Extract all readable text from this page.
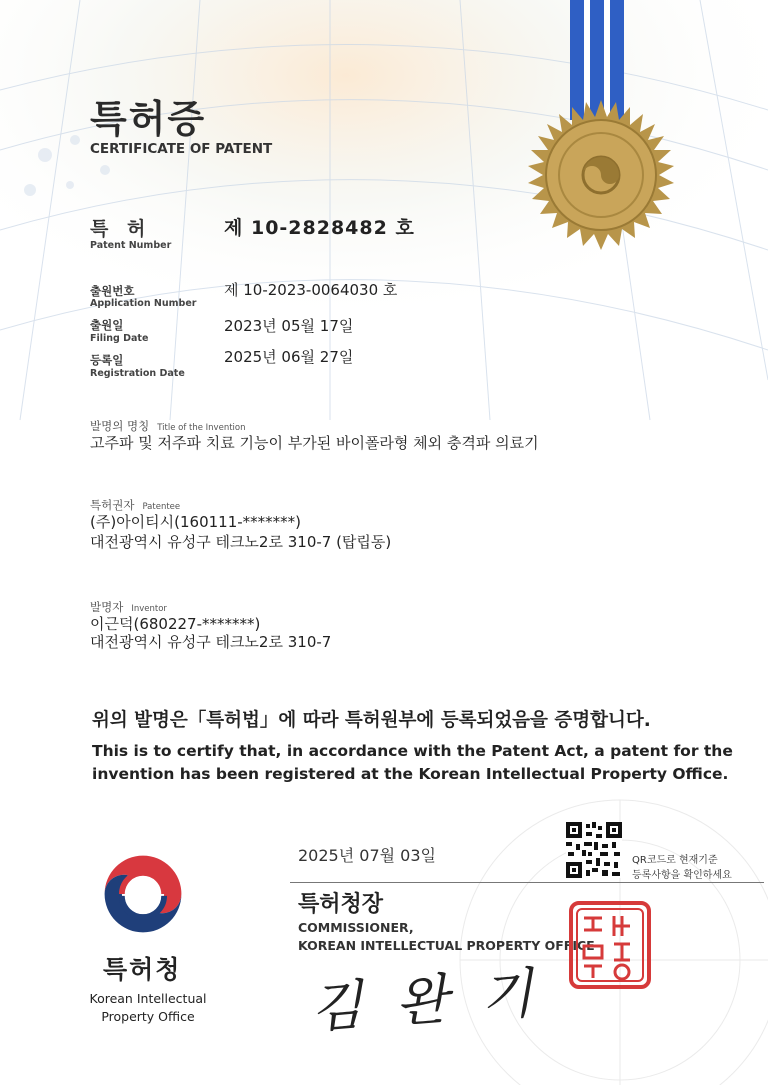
특허증
CERTIFICATE OF PATENT
특 허
Patent Number
제 10-2828482 호
출원번호
Application Number
제 10-2023-0064030 호
출원일
Filing Date
2023년 05월 17일
등록일
Registration Date
2025년 06월 27일
발명의 명칭 Title of the Invention
고주파 및 저주파 치료 기능이 부가된 바이폴라형 체외 충격파 의료기
특허권자 Patentee
(주)아이티시(160111-*******)
대전광역시 유성구 테크노2로 310-7 (탑립동)
발명자 Inventor
이근덕(680227-*******)
대전광역시 유성구 테크노2로 310-7
위의 발명은「특허법」에 따라 특허원부에 등록되었음을 증명합니다.
This is to certify that, in accordance with the Patent Act, a patent for the
invention has been registered at the Korean Intellectual Property Office.
2025년 07월 03일	QR코드로 현재기준
등록사항을 확인하세요
특허청장
COMMISSIONER,
KOREAN INTELLECTUAL PROPERTY OFFICE
김 완 기
특허청
Korean Intellectual
Property Office
